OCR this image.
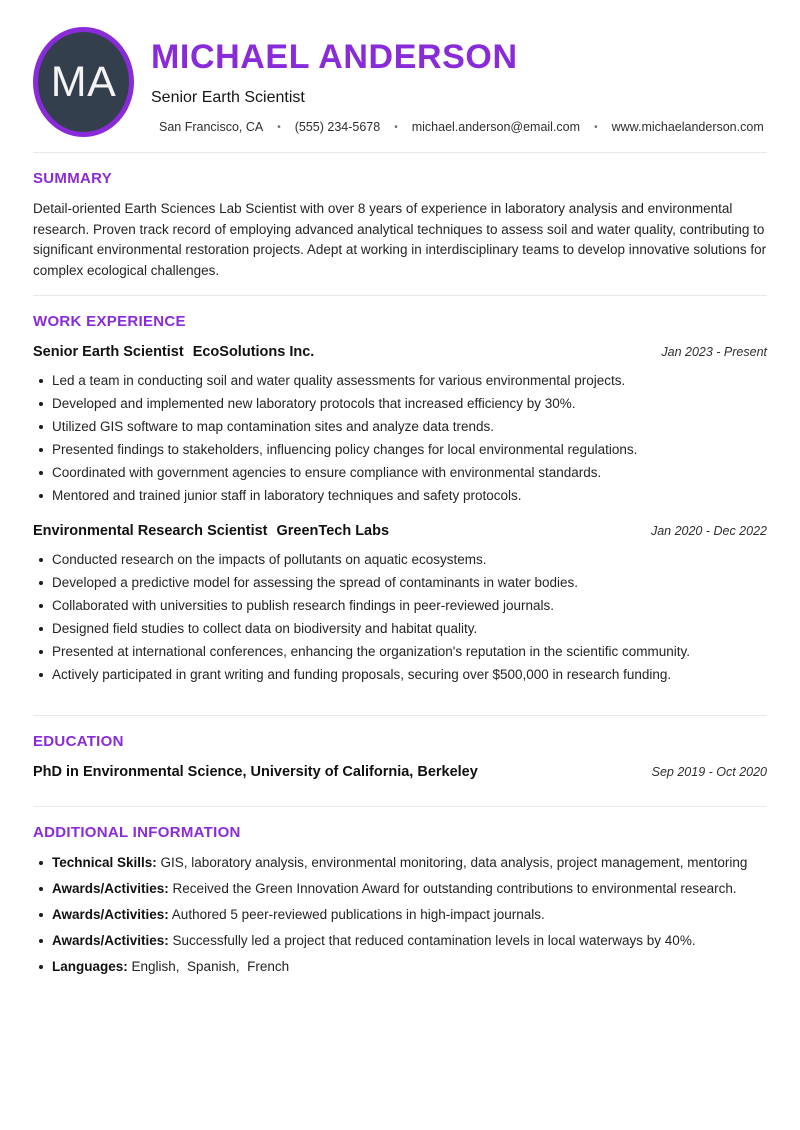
MA
MICHAEL ANDERSON
Senior Earth Scientist
San Francisco, CA • (555) 234-5678 • michael.anderson@email.com • www.michaelanderson.com
SUMMARY

Detail-oriented Earth Sciences Lab Scientist with over 8 years of experience in laboratory analysis and environmental research. Proven track record of employing advanced analytical techniques to assess soil and water quality, contributing to significant environmental restoration projects. Adept at working in interdisciplinary teams to develop innovative solutions for complex ecological challenges.

WORK EXPERIENCE
Senior Earth Scientist EcoSolutions Inc.	Jan 2023 - Present
Led a team in conducting soil and water quality assessments for various environmental projects.
Developed and implemented new laboratory protocols that increased efficiency by 30%.
Utilized GIS software to map contamination sites and analyze data trends.
Presented findings to stakeholders, influencing policy changes for local environmental regulations.
Coordinated with government agencies to ensure compliance with environmental standards.
Mentored and trained junior staff in laboratory techniques and safety protocols.
Environmental Research Scientist GreenTech Labs	Jan 2020 - Dec 2022
Conducted research on the impacts of pollutants on aquatic ecosystems.
Developed a predictive model for assessing the spread of contaminants in water bodies.
Collaborated with universities to publish research findings in peer-reviewed journals.
Designed field studies to collect data on biodiversity and habitat quality.
Presented at international conferences, enhancing the organization's reputation in the scientific community.
Actively participated in grant writing and funding proposals, securing over $500,000 in research funding.
EDUCATION
PhD in Environmental Science, University of California, Berkeley	Sep 2019 - Oct 2020
ADDITIONAL INFORMATION
Technical Skills: GIS, laboratory analysis, environmental monitoring, data analysis, project management, mentoring
Awards/Activities: Received the Green Innovation Award for outstanding contributions to environmental research.
Awards/Activities: Authored 5 peer-reviewed publications in high-impact journals.
Awards/Activities: Successfully led a project that reduced contamination levels in local waterways by 40%.
Languages: English,  Spanish,  French
